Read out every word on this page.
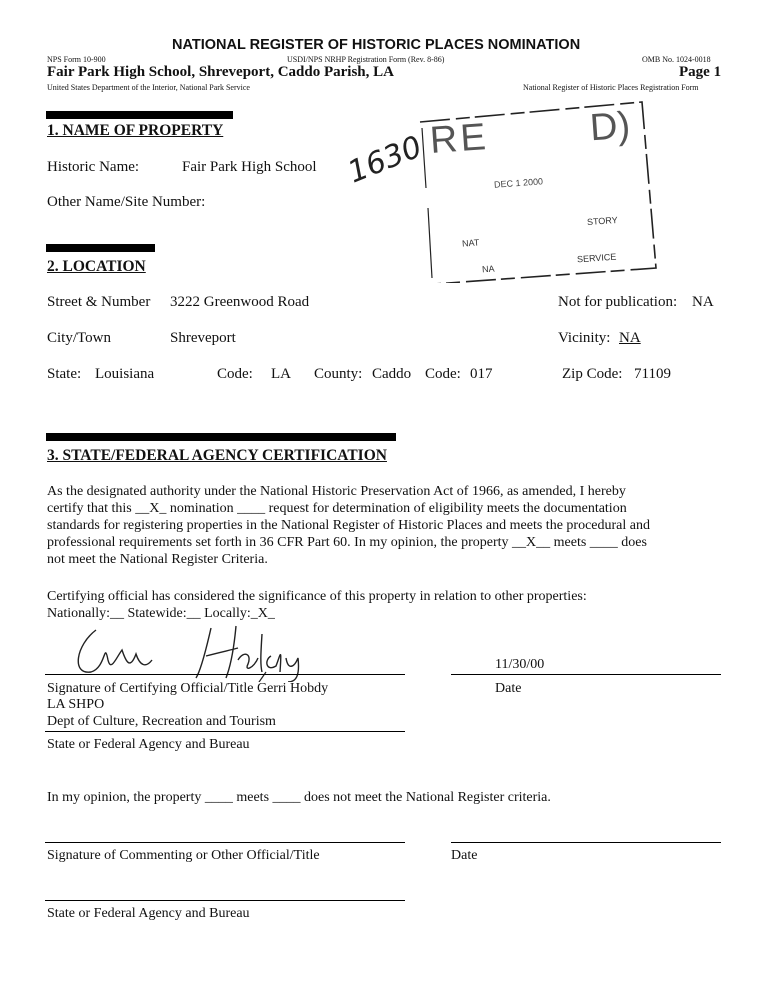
NATIONAL REGISTER OF HISTORIC PLACES NOMINATION
NPS Form 10-900	USDI/NPS NRHP Registration Form (Rev. 8-86)	OMB No. 1024-0018
Fair Park High School, Shreveport, Caddo Parish, LA	Page 1
United States Department of the Interior, National Park Service	National Register of Historic Places Registration Form
1. NAME OF PROPERTY
Historic Name:	Fair Park High School
Other Name/Site Number:
1630 RE	D)
DEC 1 2000
NAT
STORY
NA
SERVICE
2. LOCATION
Street & Number 3222 Greenwood Road	Not for publication: NA
City/Town	Shreveport	Vicinity: NA
State: Louisiana	Code: LA County: Caddo Code: 017	Zip Code: 71109
3. STATE/FEDERAL AGENCY CERTIFICATION
As the designated authority under the National Historic Preservation Act of 1966, as amended, I hereby
certify that this __X_ nomination ____ request for determination of eligibility meets the documentation
standards for registering properties in the National Register of Historic Places and meets the procedural and
professional requirements set forth in 36 CFR Part 60. In my opinion, the property __X__ meets ____ does
not meet the National Register Criteria.
Certifying official has considered the significance of this property in relation to other properties:
Nationally:__ Statewide:__ Locally:_X_
11/30/00
Signature of Certifying Official/Title Gerri Hobdy	Date
LA SHPO
Dept of Culture, Recreation and Tourism
State or Federal Agency and Bureau
In my opinion, the property ____ meets ____ does not meet the National Register criteria.
Signature of Commenting or Other Official/Title	Date
State or Federal Agency and Bureau
